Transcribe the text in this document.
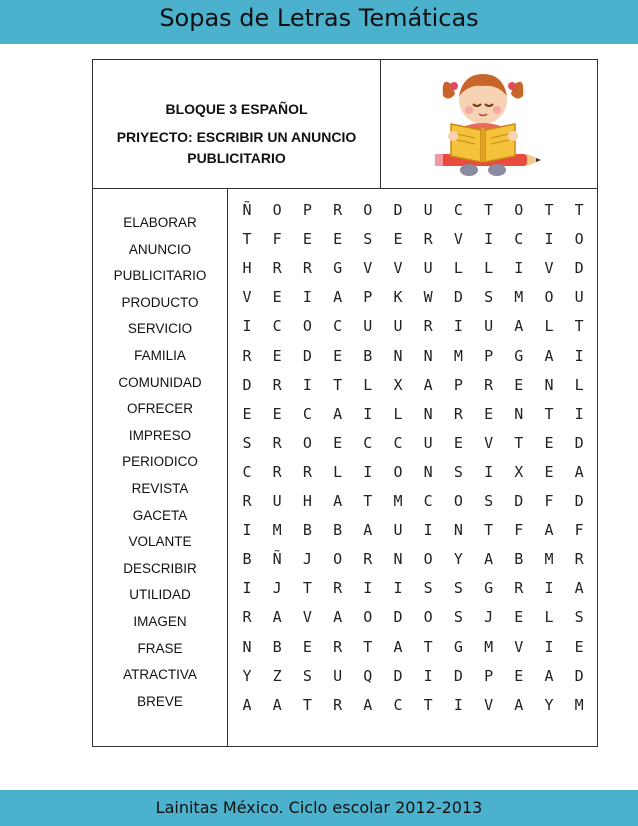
Sopas de Letras Temáticas
BLOQUE 3 ESPAÑOL
PRIYECTO: ESCRIBIR UN ANUNCIO PUBLICITARIO
ELABORAR
ANUNCIO
PUBLICITARIO
PRODUCTO
SERVICIO
FAMILIA
COMUNIDAD
OFRECER
IMPRESO
PERIODICO
REVISTA
GACETA
VOLANTE
DESCRIBIR
UTILIDAD
IMAGEN
FRASE
ATRACTIVA
BREVE
Ñ	O	P	R	O	D	U	C	T	O	T	T
T	F	E	E	S	E	R	V	I	C	I	O
H	R	R	G	V	V	U	L	L	I	V	D
V	E	I	A	P	K	W	D	S	M	O	U
I	C	O	C	U	U	R	I	U	A	L	T
R	E	D	E	B	N	N	M	P	G	A	I
D	R	I	T	L	X	A	P	R	E	N	L
E	E	C	A	I	L	N	R	E	N	T	I
S	R	O	E	C	C	U	E	V	T	E	D
C	R	R	L	I	O	N	S	I	X	E	A
R	U	H	A	T	M	C	O	S	D	F	D
I	M	B	B	A	U	I	N	T	F	A	F
B	Ñ	J	O	R	N	O	Y	A	B	M	R
I	J	T	R	I	I	S	S	G	R	I	A
R	A	V	A	O	D	O	S	J	E	L	S
N	B	E	R	T	A	T	G	M	V	I	E
Y	Z	S	U	Q	D	I	D	P	E	A	D
A	A	T	R	A	C	T	I	V	A	Y	M
Lainitas México. Ciclo escolar 2012-2013
